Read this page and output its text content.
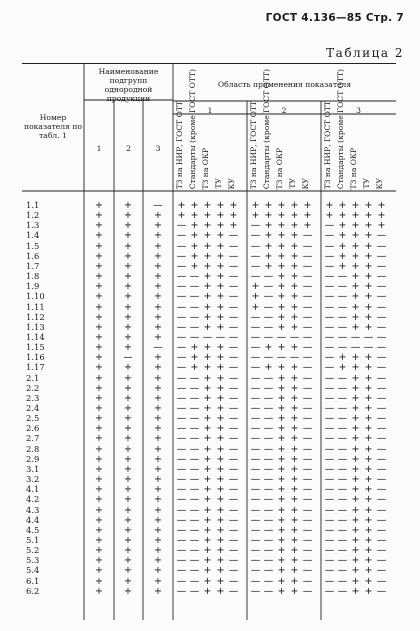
ГОСТ 4.136—85 Стр. 7
Таблица 2
Номер показателя по табл. 1
Наименование подгрупп однородной продукции
Область применения показателя
1	2	3
1	2	3
ТЗ на НИР, ГОСТ ОТТ Стандарты (кроме ГОСТ ОТТ) ТЗ на ОКР ТУ КУ ТЗ на НИР, ГОСТ ОТТ Стандарты (кроме ГОСТ ОТТ) ТЗ на ОКР ТУ КУ ТЗ на НИР, ГОСТ ОТТ Стандарты (кроме ГОСТ ОТТ) ТЗ на ОКР ТУ КУ
1.1	+ + — + + + + + + + + + + + + + + +
1.2	+ + + + + + + + + + + + + + + + + +
1.3	+ + + — + + + + — + + + + — + + + +
1.4	+ + + — + + + — — + + + — — + + + —
1.5	+ + + — + + + — — + + + — — + + + —
1.6	+ + + — + + + — — + + + — — + + + —
1.7	+ + + — + + + — — + + + — — + + + —
1.8	+ + + — — + + — — — + + — — — + + —
1.9	+ + + — — + + — + — + + — — — + + —
1.10	+ + + — — + + — + — + + — — — + + —
1.11	+ + + — — + + — + — + + — — — + + —
1.12	+ + + — — + + — — — + + — — — + + —
1.13	+ + + — — + + — — — + + — — — + + —
1.14	+ + + — — — — — — — — — — — — — — —
1.15	+ + — — + + + — — + + + — — — — — —
1.16	+ — + — + + + — — — — — — — + + + —
1.17	+ + + — + + + — — + + + — — + + + —
2.1	+ + + — — + + — — — + + — — — + + —
2.2	+ + + — — + + — — — + + — — — + + —
2.3	+ + + — — + + — — — + + — — — + + —
2.4	+ + + — — + + — — — + + — — — + + —
2.5	+ + + — — + + — — — + + — — — + + —
2.6	+ + + — — + + — — — + + — — — + + —
2.7	+ + + — — + + — — — + + — — — + + —
2.8	+ + + — — + + — — — + + — — — + + —
2.9	+ + + — — + + — — — + + — — — + + —
3.1	+ + + — — + + — — — + + — — — + + —
3.2	+ + + — — + + — — — + + — — — + + —
4.1	+ + + — — + + — — — + + — — — + + —
4.2	+ + + — — + + — — — + + — — — + + —
4.3	+ + + — — + + — — — + + — — — + + —
4.4	+ + + — — + + — — — + + — — — + + —
4.5	+ + + — — + + — — — + + — — — + + —
5.1	+ + + — — + + — — — + + — — — + + —
5.2	+ + + — — + + — — — + + — — — + + —
5.3	+ + + — — + + — — — + + — — — + + —
5.4	+ + + — — + + — — — + + — — — + + —
6.1	+ + + — — + + — — — + + — — — + + —
6.2	+ + + — — + + — — — + + — — — + + —
